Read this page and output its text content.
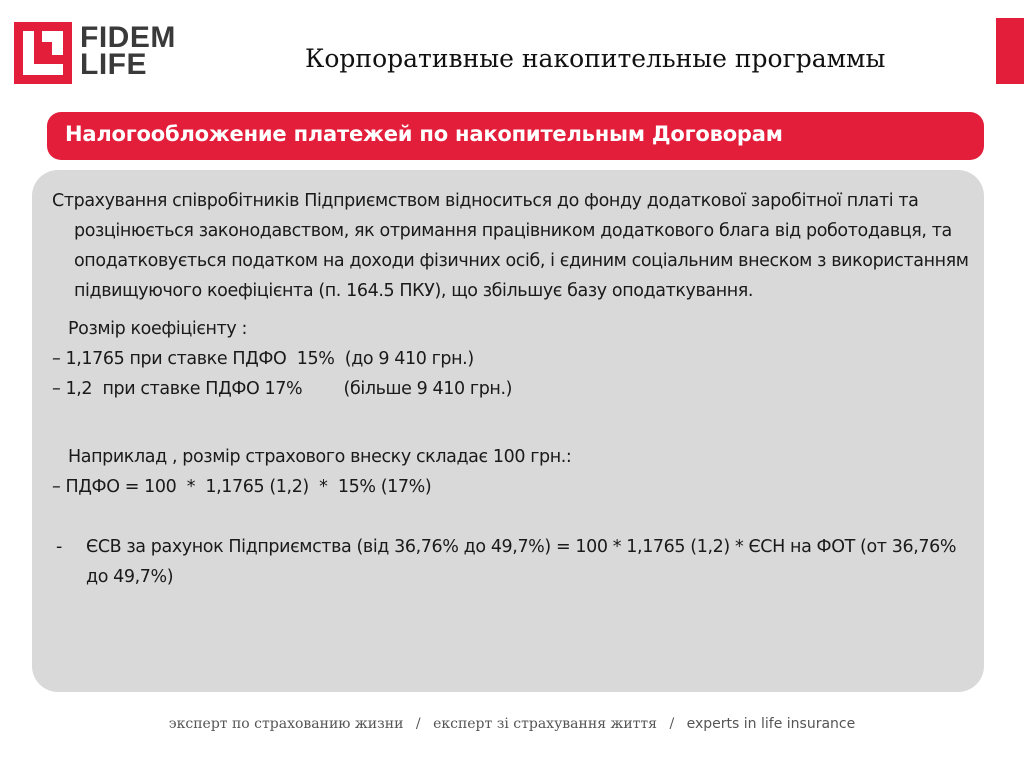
FIDEM
LIFE	Корпоративные накопительные программы
Налогообложение платежей по накопительным Договорам

Страхування співробітників Підприємством відноситься до фонду додаткової заробітної платі та розцінюється законодавством, як отримання працівником додаткового блага від роботодавця, та оподатковується податком на доходи фізичних осіб, і єдиним соціальним внеском з використанням підвищуючого коефіцієнта (п. 164.5 ПКУ), що збільшує базу оподаткування.

Розмір коефіцієнту :

– 1,1765 при ставке ПДФО  15%  (до 9 410 грн.)

– 1,2  при ставке ПДФО 17%        (більше 9 410 грн.)

Наприклад , розмір страхового внеску складає 100 грн.:

– ПДФО = 100  *  1,1765 (1,2)  *  15% (17%)

- ЄСВ за рахунок Підприємства (від 36,76% до 49,7%) = 100 * 1,1765 (1,2) * ЄСН на ФОТ (от 36,76% до 49,7%)

эксперт по страхованию жизни / експерт зі страхування життя / experts in life insurance
